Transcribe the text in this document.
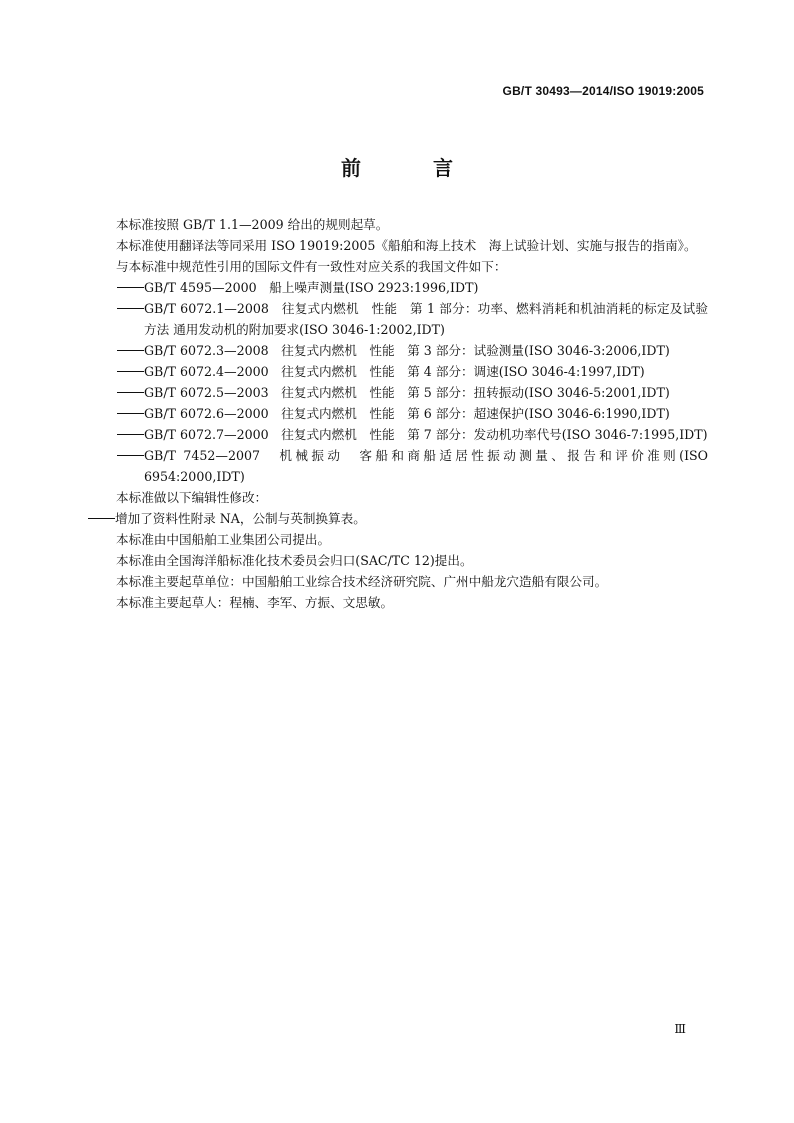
GB/T 30493—2014/ISO 19019:2005
前　言

本标准按照 GB/T 1.1—2009 给出的规则起草。

本标准使用翻译法等同采用 ISO 19019:2005《船舶和海上技术　海上试验计划、实施与报告的指南》。

与本标准中规范性引用的国际文件有一致性对应关系的我国文件如下：

GB/T 4595—2000　船上噪声测量(ISO 2923:1996,IDT)
GB/T 6072.1—2008　往复式内燃机　性能　第 1 部分：功率、燃料消耗和机油消耗的标定及试验方法 通用发动机的附加要求(ISO 3046-1:2002,IDT)
GB/T 6072.3—2008　往复式内燃机　性能　第 3 部分：试验测量(ISO 3046-3:2006,IDT)
GB/T 6072.4—2000　往复式内燃机　性能　第 4 部分：调速(ISO 3046-4:1997,IDT)
GB/T 6072.5—2003　往复式内燃机　性能　第 5 部分：扭转振动(ISO 3046-5:2001,IDT)
GB/T 6072.6—2000　往复式内燃机　性能　第 6 部分：超速保护(ISO 3046-6:1990,IDT)
GB/T 6072.7—2000　往复式内燃机　性能　第 7 部分：发动机功率代号(ISO 3046-7:1995,IDT)
GB/T 7452—2007　机械振动　客船和商船适居性振动测量、报告和评价准则(ISO 6954:2000,IDT)

本标准做以下编辑性修改：

增加了资料性附录 NA，公制与英制换算表。

本标准由中国船舶工业集团公司提出。

本标准由全国海洋船标准化技术委员会归口(SAC/TC 12)提出。

本标准主要起草单位：中国船舶工业综合技术经济研究院、广州中船龙穴造船有限公司。

本标准主要起草人：程楠、李军、方振、文思敏。

Ⅲ
